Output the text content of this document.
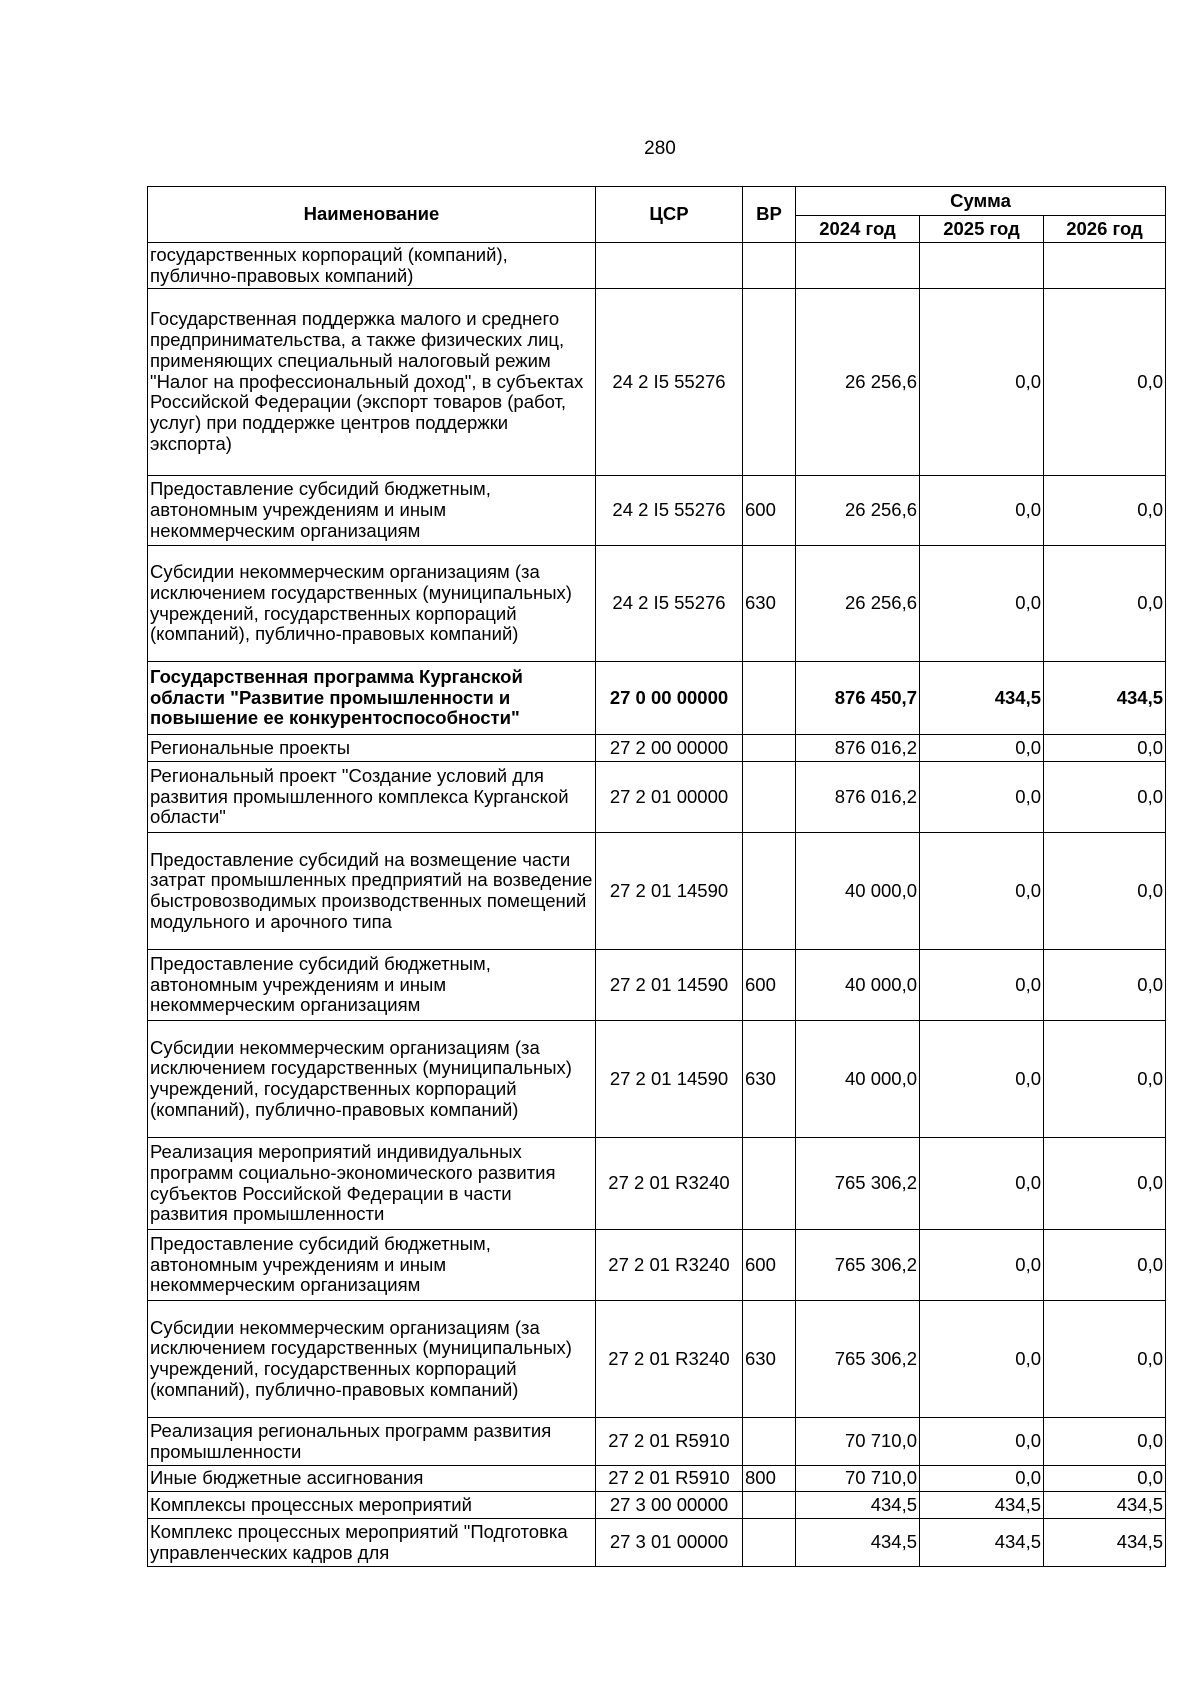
280
Наименование	ЦСР	ВР	Сумма		
			2024 год	2025 год	2026 год
государственных корпораций (компаний), публично-правовых компаний)					
Государственная поддержка малого и среднего предпринимательства, а также физических лиц, применяющих специальный налоговый режим "Налог на профессиональный доход", в субъектах Российской Федерации (экспорт товаров (работ, услуг) при поддержке центров поддержки экспорта)	24 2 I5 55276		26 256,6	0,0	0,0
Предоставление субсидий бюджетным, автономным учреждениям и иным некоммерческим организациям	24 2 I5 55276	600	26 256,6	0,0	0,0
Субсидии некоммерческим организациям (за исключением государственных (муниципальных) учреждений, государственных корпораций (компаний), публично-правовых компаний)	24 2 I5 55276	630	26 256,6	0,0	0,0
Государственная программа Курганской области "Развитие промышленности и повышение ее конкурентоспособности"	27 0 00 00000		876 450,7	434,5	434,5
Региональные проекты	27 2 00 00000		876 016,2	0,0	0,0
Региональный проект "Создание условий для развития промышленного комплекса Курганской области"	27 2 01 00000		876 016,2	0,0	0,0
Предоставление субсидий на возмещение части затрат промышленных предприятий на возведение быстровозводимых производственных помещений модульного и арочного типа	27 2 01 14590		40 000,0	0,0	0,0
Предоставление субсидий бюджетным, автономным учреждениям и иным некоммерческим организациям	27 2 01 14590	600	40 000,0	0,0	0,0
Субсидии некоммерческим организациям (за исключением государственных (муниципальных) учреждений, государственных корпораций (компаний), публично-правовых компаний)	27 2 01 14590	630	40 000,0	0,0	0,0
Реализация мероприятий индивидуальных программ социально-экономического развития субъектов Российской Федерации в части развития промышленности	27 2 01 R3240		765 306,2	0,0	0,0
Предоставление субсидий бюджетным, автономным учреждениям и иным некоммерческим организациям	27 2 01 R3240	600	765 306,2	0,0	0,0
Субсидии некоммерческим организациям (за исключением государственных (муниципальных) учреждений, государственных корпораций (компаний), публично-правовых компаний)	27 2 01 R3240	630	765 306,2	0,0	0,0
Реализация региональных программ развития промышленности	27 2 01 R5910		70 710,0	0,0	0,0
Иные бюджетные ассигнования	27 2 01 R5910	800	70 710,0	0,0	0,0
Комплексы процессных мероприятий	27 3 00 00000		434,5	434,5	434,5
Комплекс процессных мероприятий "Подготовка управленческих кадров для	27 3 01 00000		434,5	434,5	434,5
